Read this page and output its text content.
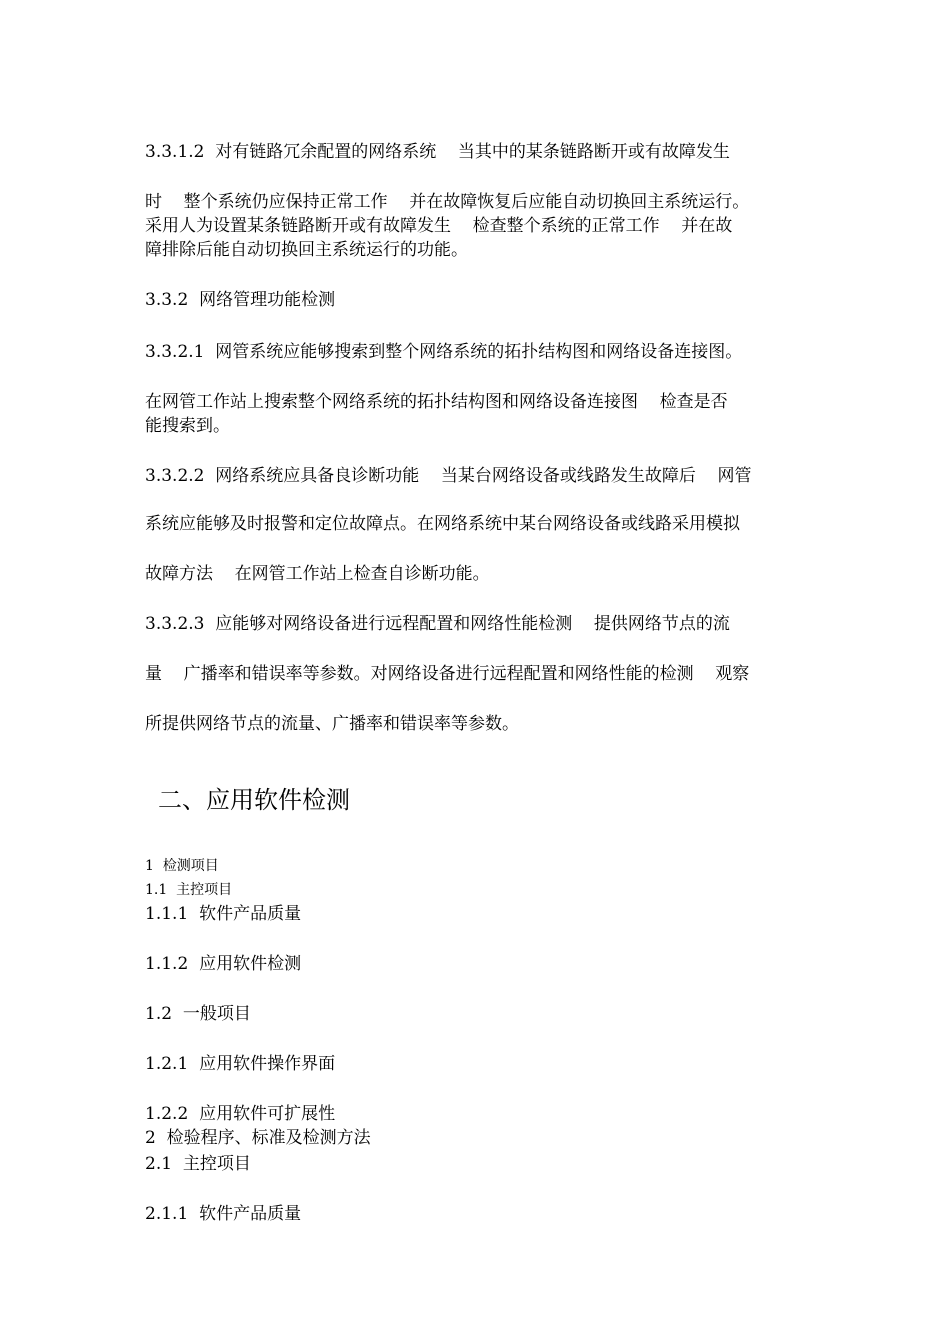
3.3.1.2  对有链路冗余配置的网络系统    当其中的某条链路断开或有故障发生
时    整个系统仍应保持正常工作    并在故障恢复后应能自动切换回主系统运行。
采用人为设置某条链路断开或有故障发生    检查整个系统的正常工作    并在故
障排除后能自动切换回主系统运行的功能。
3.3.2  网络管理功能检测
3.3.2.1  网管系统应能够搜索到整个网络系统的拓扑结构图和网络设备连接图。
在网管工作站上搜索整个网络系统的拓扑结构图和网络设备连接图    检查是否
能搜索到。
3.3.2.2  网络系统应具备良诊断功能    当某台网络设备或线路发生故障后    网管
系统应能够及时报警和定位故障点。在网络系统中某台网络设备或线路采用模拟
故障方法    在网管工作站上检查自诊断功能。
3.3.2.3  应能够对网络设备进行远程配置和网络性能检测    提供网络节点的流
量    广播率和错误率等参数。对网络设备进行远程配置和网络性能的检测    观察
所提供网络节点的流量、广播率和错误率等参数。
二、应用软件检测
1  检测项目
1.1  主控项目
1.1.1  软件产品质量
1.1.2  应用软件检测
1.2  一般项目
1.2.1  应用软件操作界面
1.2.2  应用软件可扩展性
2  检验程序、标准及检测方法
2.1  主控项目
2.1.1  软件产品质量
